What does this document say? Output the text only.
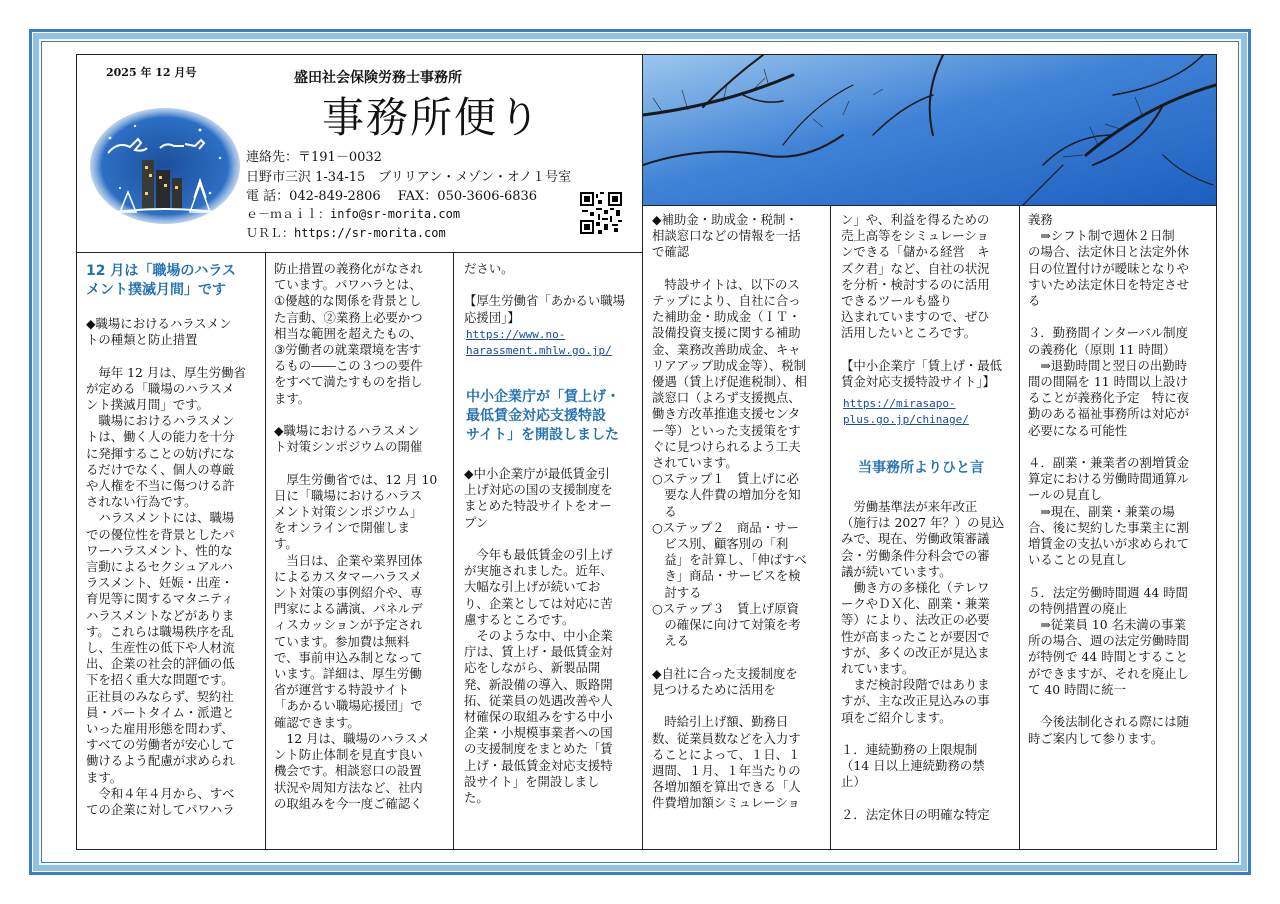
2025 年 12 月号	盛田社会保険労務士事務所
事務所便り
連絡先：〒191－0032
日野市三沢 1-34-15　ブリリアン・メゾン・オノ１号室
電 話：042-849-2806　 FAX：050-3606-6836
ｅ－ｍａｉｌ：info@sr-morita.com
ＵＲＬ：https://sr-morita.com
12 月は「職場のハラス
メント撲滅月間」です
◆職場におけるハラスメン
トの種類と防止措置

　毎年 12 月は、厚生労働省
が定める「職場のハラスメ
ント撲滅月間」です。
　職場におけるハラスメン
トは、働く人の能力を十分
に発揮することの妨げにな
るだけでなく、個人の尊厳
や人権を不当に傷つける許
されない行為です。
　ハラスメントには、職場
での優位性を背景としたパ
ワーハラスメント、性的な
言動によるセクシュアルハ
ラスメント、妊娠・出産・
育児等に関するマタニティ
ハラスメントなどがありま
す。これらは職場秩序を乱
し、生産性の低下や人材流
出、企業の社会的評価の低
下を招く重大な問題です。
正社員のみならず、契約社
員・パートタイム・派遣と
いった雇用形態を問わず、
すべての労働者が安心して
働けるよう配慮が求められ
ます。
　令和４年４月から、すべ
ての企業に対してパワハラ
防止措置の義務化がなされ
ています。パワハラとは、
①優越的な関係を背景とし
た言動、②業務上必要かつ
相当な範囲を超えたもの、
③労働者の就業環境を害す
るもの――この３つの要件
をすべて満たすものを指し
ます。

◆職場におけるハラスメン
ト対策シンポジウムの開催

　厚生労働省では、12 月 10
日に「職場におけるハラス
メント対策シンポジウム」
をオンラインで開催しま
す。
　当日は、企業や業界団体
によるカスタマーハラスメ
ント対策の事例紹介や、専
門家による講演、パネルデ
ィスカッションが予定され
ています。参加費は無料
で、事前申込み制となって
います。詳細は、厚生労働
省が運営する特設サイト
「あかるい職場応援団」で
確認できます。
　12 月は、職場のハラスメ
ント防止体制を見直す良い
機会です。相談窓口の設置
状況や周知方法など、社内
の取組みを今一度ご確認く
ださい。

【厚生労働省「あかるい職場
応援団」】
https://www.no-
harassment.mhlw.go.jp/
中小企業庁が「賃上げ・
最低賃金対応支援特設
サイト」を開設しました
◆中小企業庁が最低賃金引
上げ対応の国の支援制度を
まとめた特設サイトをオー
プン

　今年も最低賃金の引上げ
が実施されました。近年、
大幅な引上げが続いてお
り、企業としては対応に苦
慮するところです。
　そのような中、中小企業
庁は、賃上げ・最低賃金対
応をしながら、新製品開
発、新設備の導入、販路開
拓、従業員の処遇改善や人
材確保の取組みをする中小
企業・小規模事業者への国
の支援制度をまとめた「賃
上げ・最低賃金対応支援特
設サイト」を開設しまし
た。
◆補助金・助成金・税制・
相談窓口などの情報を一括
で確認

　特設サイトは、以下のス
テップにより、自社に合っ
た補助金・助成金（ＩＴ・
設備投資支援に関する補助
金、業務改善助成金、キャ
リアアップ助成金等）、税制
優遇（賃上げ促進税制）、相
談窓口（よろず支援拠点、
働き方改革推進支援センタ
ー等）といった支援策をす
ぐに見つけられるよう工夫
されています。
○ステップ１　賃上げに必
　要な人件費の増加分を知
　る
○ステップ２　商品・サー
　ビス別、顧客別の「利
　益」を計算し、「伸ばすべ
　き」商品・サービスを検
　討する
○ステップ３　賃上げ原資
　の確保に向けて対策を考
　える

◆自社に合った支援制度を
見つけるために活用を

　時給引上げ額、勤務日
数、従業員数などを入力す
ることによって、１日、１
週間、１月、１年当たりの
各増加額を算出できる「人
件費増加額シミュレーショ
ン」や、利益を得るための
売上高等をシミュレーショ
ンできる「儲かる経営　キ
ズク君」など、自社の状況
を分析・検討するのに活用
できるツールも盛り
込まれていますので、ぜひ
活用したいところです。

【中小企業庁「賃上げ・最低
賃金対応支援特設サイト」】
https://mirasapo-
plus.go.jp/chinage/
当事務所よりひと言
　労働基準法が来年改正
（施行は 2027 年？）の見込
みで、現在、労働政策審議
会・労働条件分科会での審
議が続いています。
　働き方の多様化（テレワ
ークやＤＸ化、副業・兼業
等）により、法改正の必要
性が高まったことが要因で
すが、多くの改正が見込ま
れています。
　まだ検討段階ではありま
すが、主な改正見込みの事
項をご紹介します。

１．連続勤務の上限規制
（14 日以上連続勤務の禁
止）

２．法定休日の明確な特定
義務
　⇒シフト制で週休２日制
の場合、法定休日と法定外休
日の位置付けが曖昧となりや
すいため法定休日を特定させ
る

３．勤務間インターバル制度
の義務化（原則 11 時間）
　⇒退勤時間と翌日の出勤時
間の間隔を 11 時間以上設け
ることが義務化予定　特に夜
勤のある福祉事務所は対応が
必要になる可能性

４．副業・兼業者の割増賃金
算定における労働時間通算ル
ールの見直し
　⇒現在、副業・兼業の場
合、後に契約した事業主に割
増賃金の支払いが求められて
いることの見直し

５．法定労働時間週 44 時間
の特例措置の廃止
　⇒従業員 10 名未満の事業
所の場合、週の法定労働時間
が特例で 44 時間とすること
ができますが、それを廃止し
て 40 時間に統一

　今後法制化される際には随
時ご案内して参ります。
